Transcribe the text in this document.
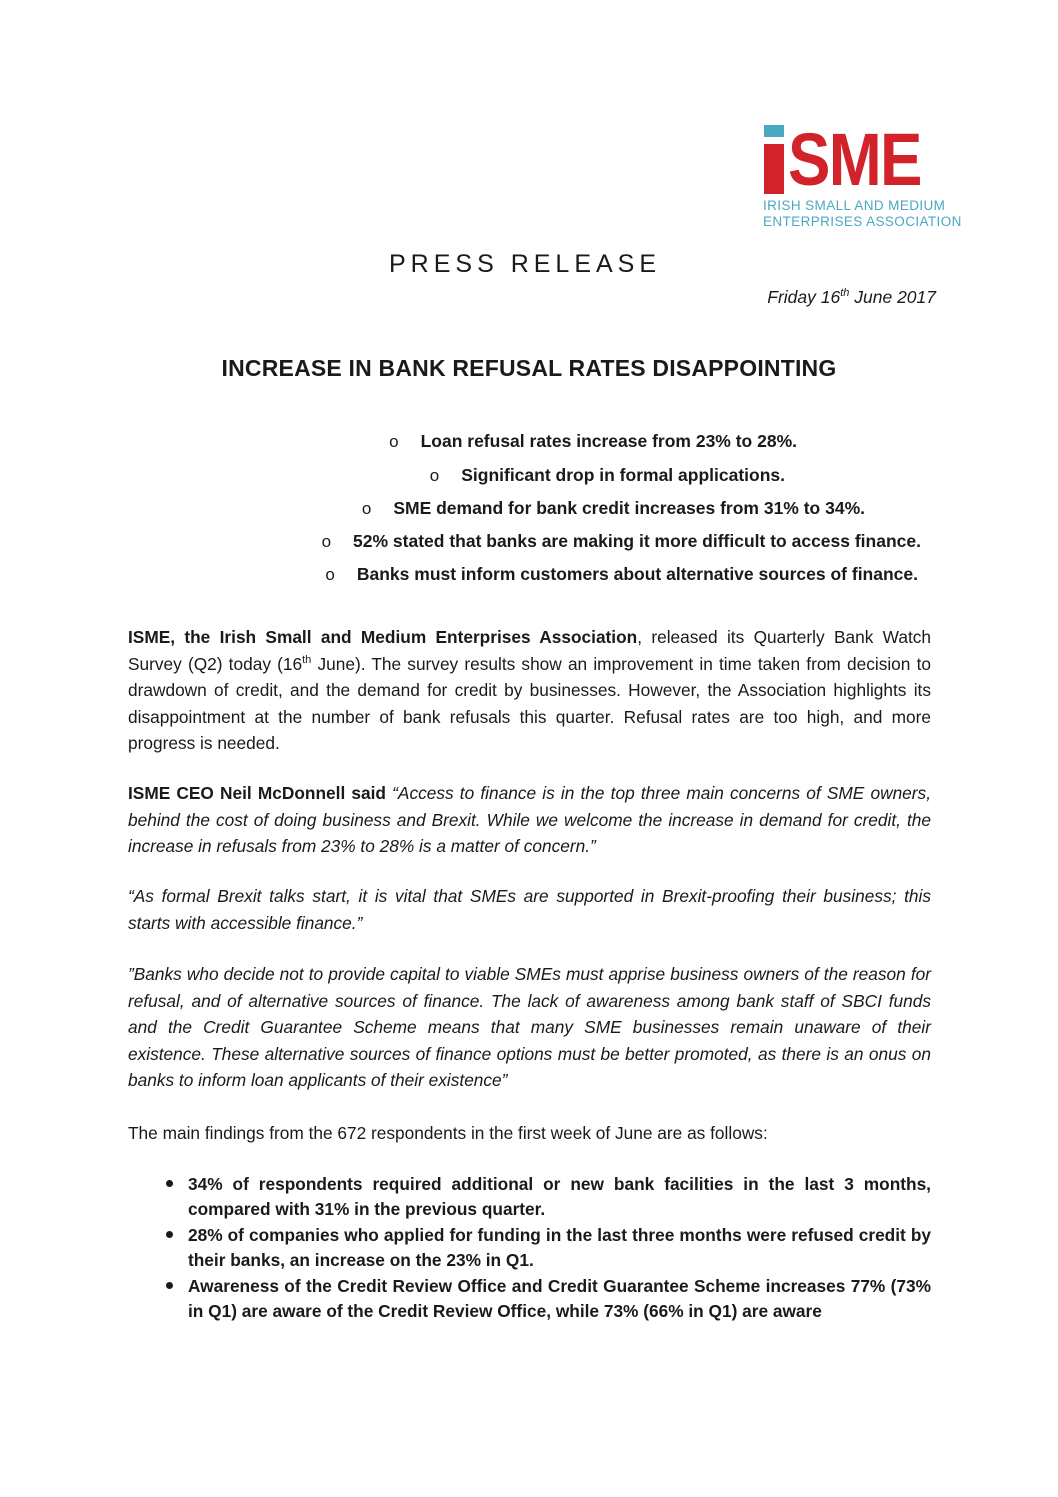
SME
IRISH SMALL AND MEDIUM
ENTERPRISES ASSOCIATION
PRESS RELEASE
Friday 16th June 2017
INCREASE IN BANK REFUSAL RATES DISAPPOINTING
o Loan refusal rates increase from 23% to 28%.
o Significant drop in formal applications.
o SME demand for bank credit increases from 31% to 34%.
o 52% stated that banks are making it more difficult to access finance.
o Banks must inform customers about alternative sources of finance.
ISME, the Irish Small and Medium Enterprises Association, released its Quarterly Bank Watch Survey (Q2) today (16th June). The survey results show an improvement in time taken from decision to drawdown of credit, and the demand for credit by businesses. However, the Association highlights its disappointment at the number of bank refusals this quarter. Refusal rates are too high, and more progress is needed.
ISME CEO Neil McDonnell said “Access to finance is in the top three main concerns of SME owners, behind the cost of doing business and Brexit. While we welcome the increase in demand for credit, the increase in refusals from 23% to 28% is a matter of concern.”
“As formal Brexit talks start, it is vital that SMEs are supported in Brexit-proofing their business; this starts with accessible finance.”
”Banks who decide not to provide capital to viable SMEs must apprise business owners of the reason for refusal, and of alternative sources of finance. The lack of awareness among bank staff of SBCI funds and the Credit Guarantee Scheme means that many SME businesses remain unaware of their existence. These alternative sources of finance options must be better promoted, as there is an onus on banks to inform loan applicants of their existence”
The main findings from the 672 respondents in the first week of June are as follows:
34% of respondents required additional or new bank facilities in the last 3 months, compared with 31% in the previous quarter.
28% of companies who applied for funding in the last three months were refused credit by their banks, an increase on the 23% in Q1.
Awareness of the Credit Review Office and Credit Guarantee Scheme increases 77% (73% in Q1) are aware of the Credit Review Office, while 73% (66% in Q1) are aware
